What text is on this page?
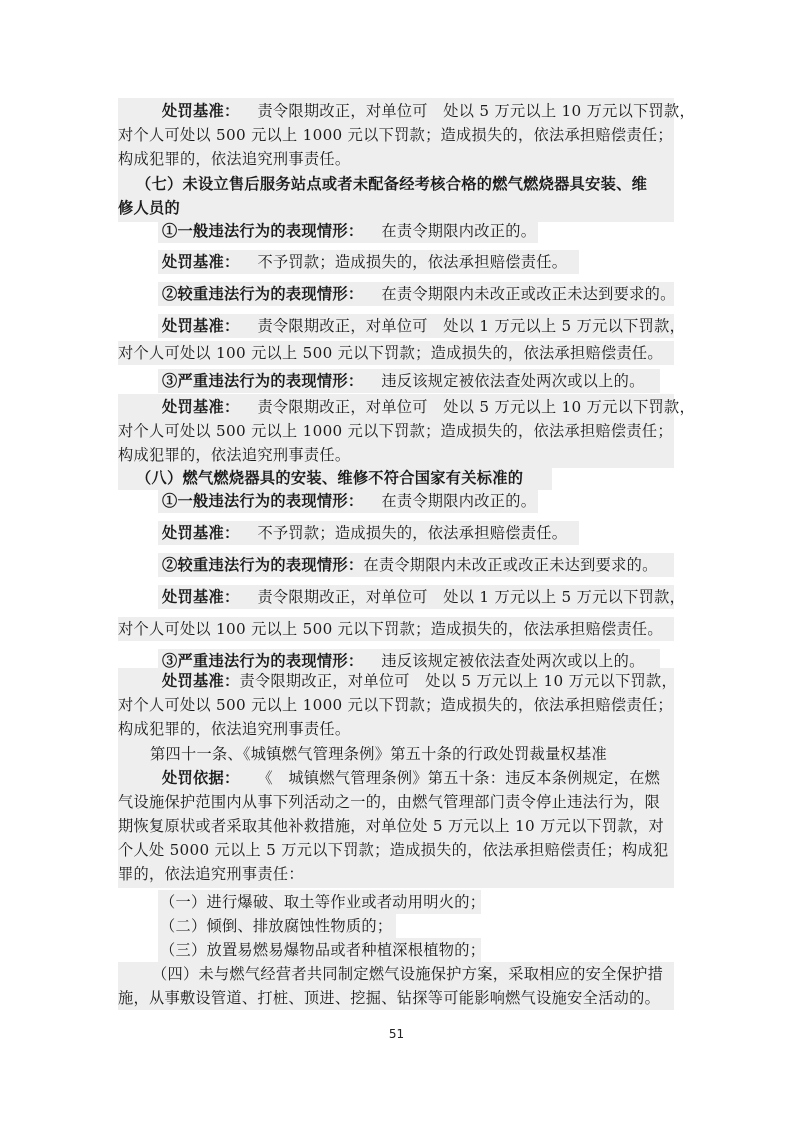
处罚基准： 责令限期改正，对单位可　处以 5 万元以上 10 万元以下罚款，
对个人可处以 500 元以上 1000 元以下罚款；造成损失的，依法承担赔偿责任；
构成犯罪的，依法追究刑事责任。
（七）未设立售后服务站点或者未配备经考核合格的燃气燃烧器具安装、维
修人员的
①一般违法行为的表现情形： 在责令期限内改正的。
处罚基准： 不予罚款；造成损失的，依法承担赔偿责任。
②较重违法行为的表现情形： 在责令期限内未改正或改正未达到要求的。
处罚基准： 责令限期改正，对单位可　处以 1 万元以上 5 万元以下罚款，
对个人可处以 100 元以上 500 元以下罚款；造成损失的，依法承担赔偿责任。
③严重违法行为的表现情形： 违反该规定被依法查处两次或以上的。
处罚基准： 责令限期改正，对单位可　处以 5 万元以上 10 万元以下罚款，
对个人可处以 500 元以上 1000 元以下罚款；造成损失的，依法承担赔偿责任；
构成犯罪的，依法追究刑事责任。
（八）燃气燃烧器具的安装、维修不符合国家有关标准的
①一般违法行为的表现情形： 在责令期限内改正的。
处罚基准： 不予罚款；造成损失的，依法承担赔偿责任。
②较重违法行为的表现情形：在责令期限内未改正或改正未达到要求的。
处罚基准： 责令限期改正，对单位可　处以 1 万元以上 5 万元以下罚款，
对个人可处以 100 元以上 500 元以下罚款；造成损失的，依法承担赔偿责任。
③严重违法行为的表现情形： 违反该规定被依法查处两次或以上的。
处罚基准：责令限期改正，对单位可　处以 5 万元以上 10 万元以下罚款，
对个人可处以 500 元以上 1000 元以下罚款；造成损失的，依法承担赔偿责任；
构成犯罪的，依法追究刑事责任。
第四十一条、《城镇燃气管理条例》第五十条的行政处罚裁量权基准
处罚依据： 《　城镇燃气管理条例》第五十条：违反本条例规定，在燃
气设施保护范围内从事下列活动之一的，由燃气管理部门责令停止违法行为，限
期恢复原状或者采取其他补救措施，对单位处 5 万元以上 10 万元以下罚款，对
个人处 5000 元以上 5 万元以下罚款；造成损失的，依法承担赔偿责任；构成犯
罪的，依法追究刑事责任：
（一）进行爆破、取土等作业或者动用明火的；
（二）倾倒、排放腐蚀性物质的；
（三）放置易燃易爆物品或者种植深根植物的；
（四）未与燃气经营者共同制定燃气设施保护方案，采取相应的安全保护措
施，从事敷设管道、打桩、顶进、挖掘、钻探等可能影响燃气设施安全活动的。
51
